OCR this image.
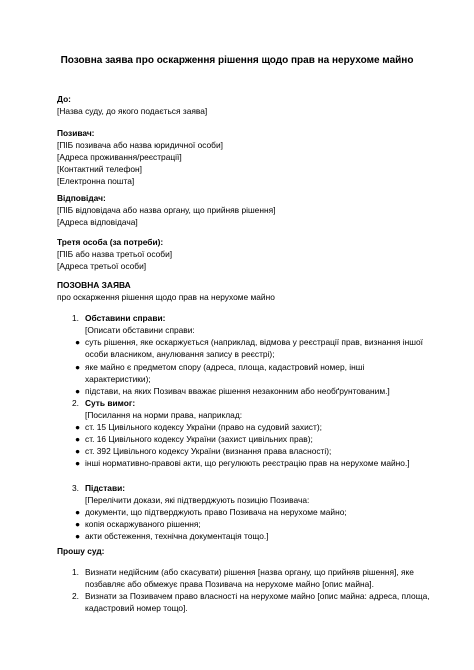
Позовна заява про оскарження рішення щодо прав на нерухоме майно
До:
[Назва суду, до якого подається заява]
Позивач:
[ПІБ позивача або назва юридичної особи]
[Адреса проживання/реєстрації]
[Контактний телефон]
[Електронна пошта]
Відповідач:
[ПІБ відповідача або назва органу, що прийняв рішення]
[Адреса відповідача]
Третя особа (за потреби):
[ПІБ або назва третьої особи]
[Адреса третьої особи]
ПОЗОВНА ЗАЯВА
про оскарження рішення щодо прав на нерухоме майно
1. Обставини справи:
[Описати обставини справи:
● суть рішення, яке оскаржується (наприклад, відмова у реєстрації прав, визнання іншої особи власником, анулювання запису в реєстрі);
● яке майно є предметом спору (адреса, площа, кадастровий номер, інші характеристики);
● підстави, на яких Позивач вважає рішення незаконним або необґрунтованим.]
2. Суть вимог:
[Посилання на норми права, наприклад:
● ст. 15 Цивільного кодексу України (право на судовий захист);
● ст. 16 Цивільного кодексу України (захист цивільних прав);
● ст. 392 Цивільного кодексу України (визнання права власності);
● інші нормативно-правові акти, що регулюють реєстрацію прав на нерухоме майно.]
3. Підстави:
[Перелічити докази, які підтверджують позицію Позивача:
● документи, що підтверджують право Позивача на нерухоме майно;
● копія оскаржуваного рішення;
● акти обстеження, технічна документація тощо.]
Прошу суд:
1. Визнати недійсним (або скасувати) рішення [назва органу, що прийняв рішення], яке позбавляє або обмежує права Позивача на нерухоме майно [опис майна].
2. Визнати за Позивачем право власності на нерухоме майно [опис майна: адреса, площа, кадастровий номер тощо].
